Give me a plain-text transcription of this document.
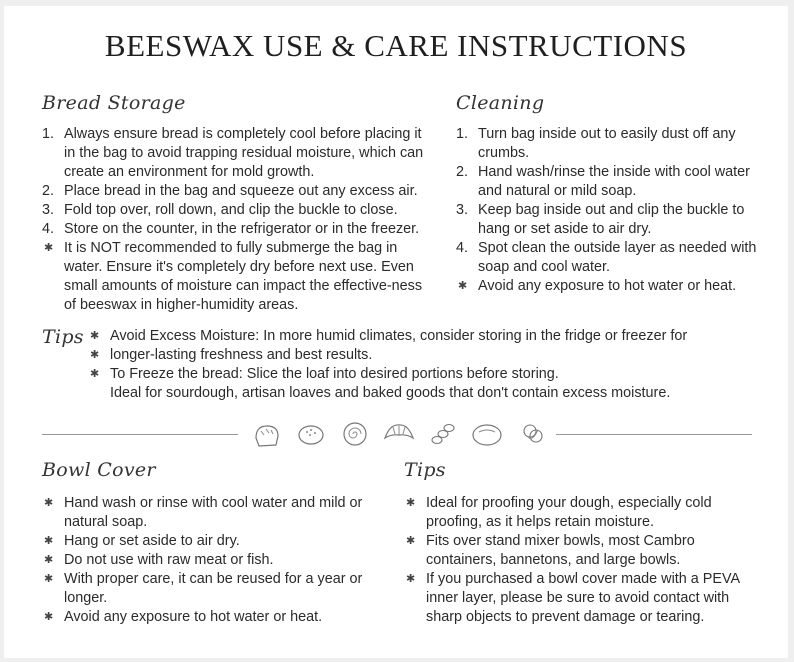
BEESWAX USE & CARE INSTRUCTIONS
Bread Storage
1. Always ensure bread is completely cool before placing it in the bag to avoid trapping residual moisture, which can create an environment for mold growth.
2. Place bread in the bag and squeeze out any excess air.
3. Fold top over, roll down, and clip the buckle to close.
4. Store on the counter, in the refrigerator or in the freezer.
✱ It is NOT recommended to fully submerge the bag in water. Ensure it's completely dry before next use. Even small amounts of moisture can impact the effective-ness of beeswax in higher-humidity areas.
Cleaning
1. Turn bag inside out to easily dust off any crumbs.
2. Hand wash/rinse the inside with cool water and natural or mild soap.
3. Keep bag inside out and clip the buckle to hang or set aside to air dry.
4. Spot clean the outside layer as needed with soap and cool water.
✱ Avoid any exposure to hot water or heat.
Tips ✱ Avoid Excess Moisture: In more humid climates, consider storing in the fridge or freezer for
✱ longer-lasting freshness and best results.
✱ To Freeze the bread: Slice the loaf into desired portions before storing.
Ideal for sourdough, artisan loaves and baked goods that don't contain excess moisture.
Bowl Cover
✱ Hand wash or rinse with cool water and mild or natural soap.
✱ Hang or set aside to air dry.
✱ Do not use with raw meat or fish.
✱ With proper care, it can be reused for a year or longer.
✱ Avoid any exposure to hot water or heat.
Tips
✱ Ideal for proofing your dough, especially cold proofing, as it helps retain moisture.
✱ Fits over stand mixer bowls, most Cambro containers, bannetons, and large bowls.
✱ If you purchased a bowl cover made with a PEVA inner layer, please be sure to avoid contact with sharp objects to prevent damage or tearing.
